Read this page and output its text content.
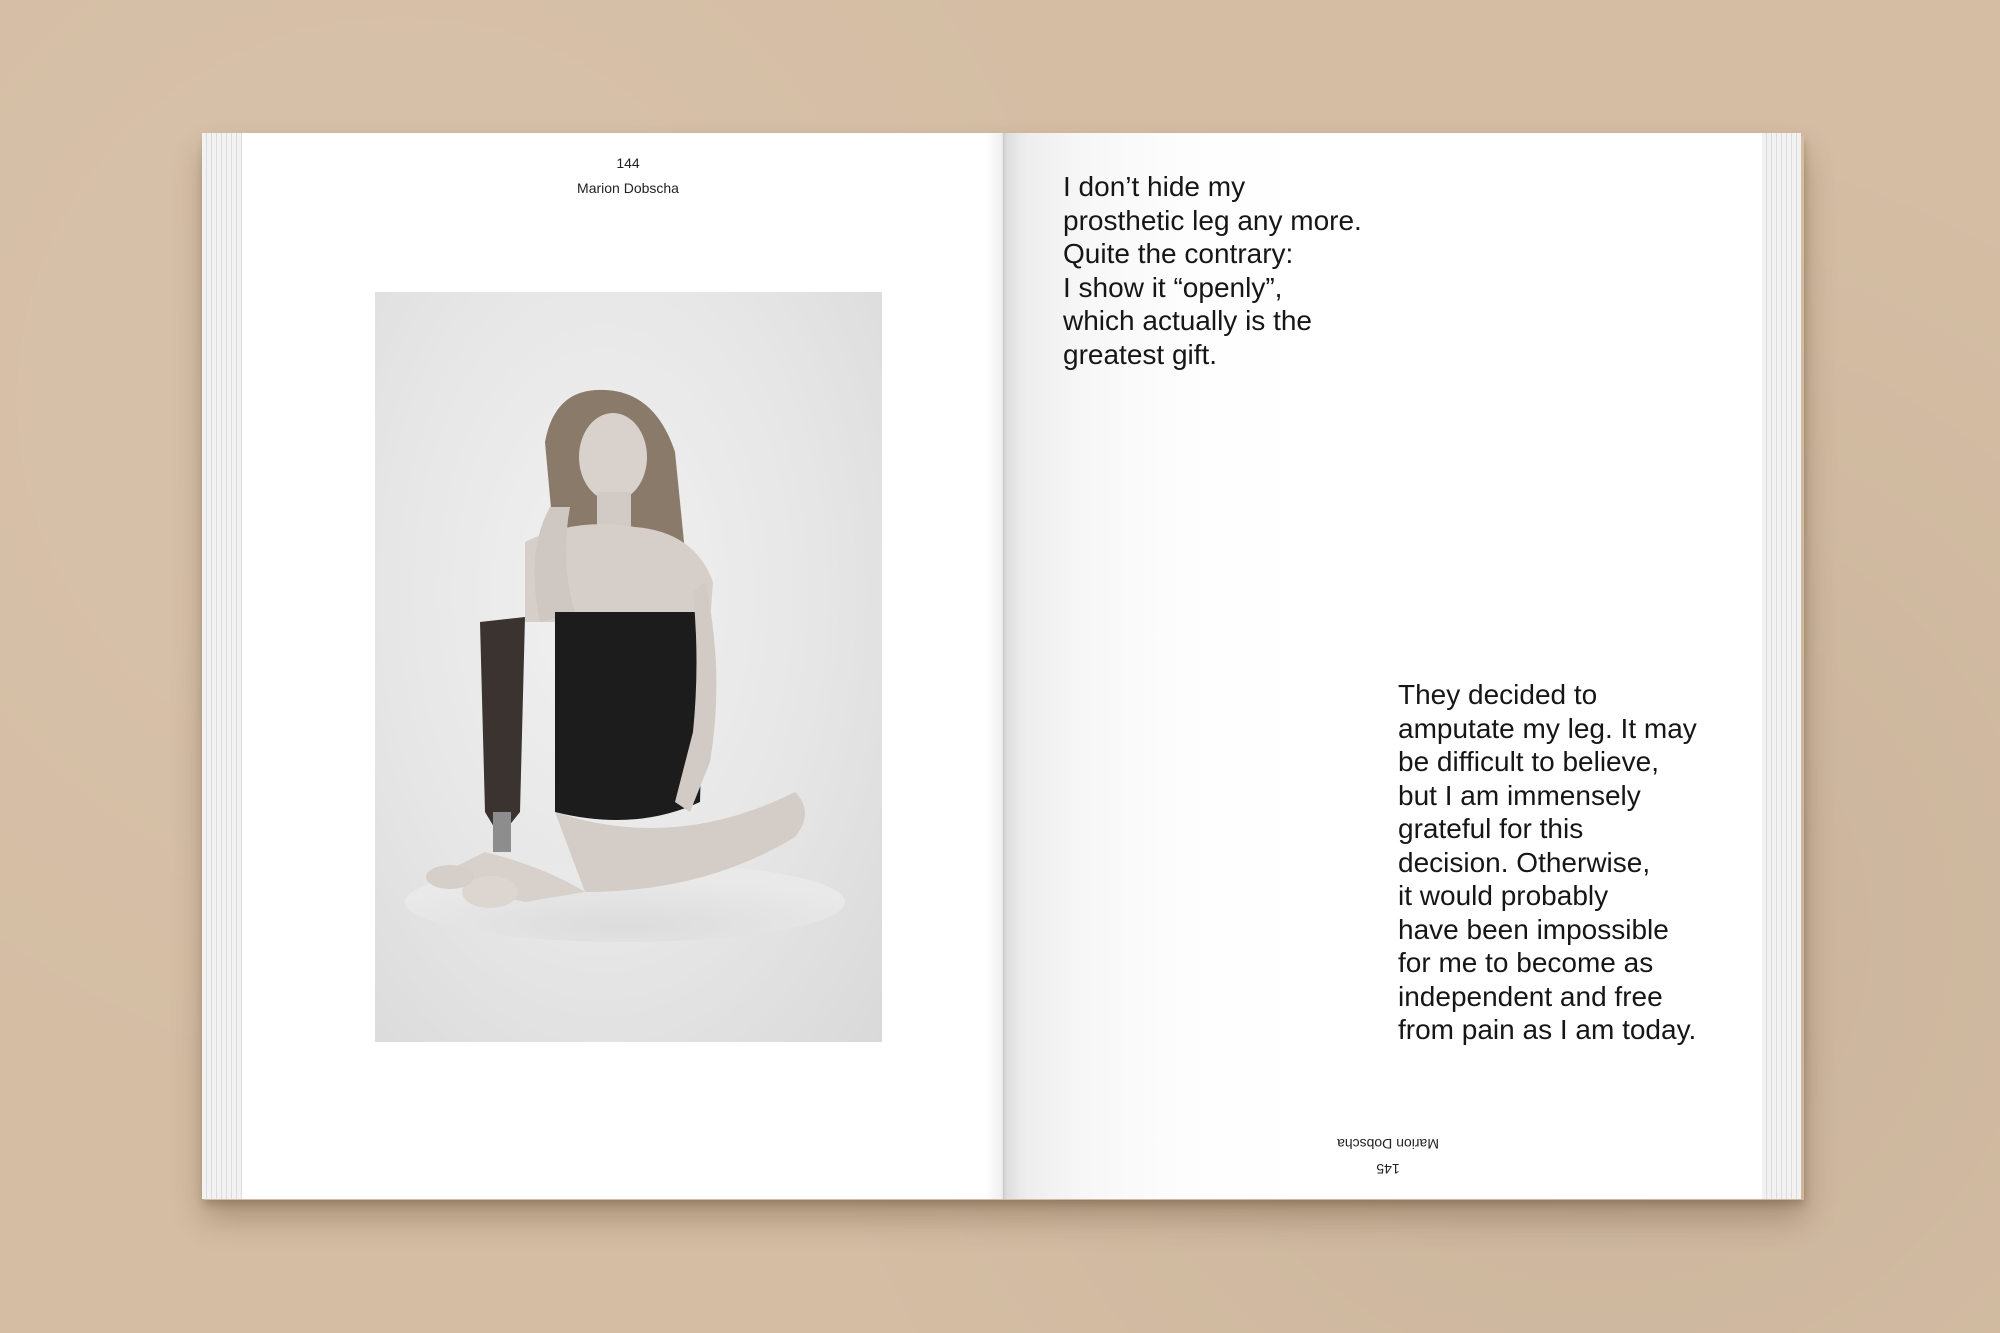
144
Marion Dobscha	I don’t hide my
prosthetic leg any more.
Quite the contrary:
I show it “openly”,
which actually is the
greatest gift.
They decided to
amputate my leg. It may
be difficult to believe,
but I am immensely
grateful for this
decision. Otherwise,
it would probably
have been impossible
for me to become as
independent and free
from pain as I am today.
Marion Dobscha
145
